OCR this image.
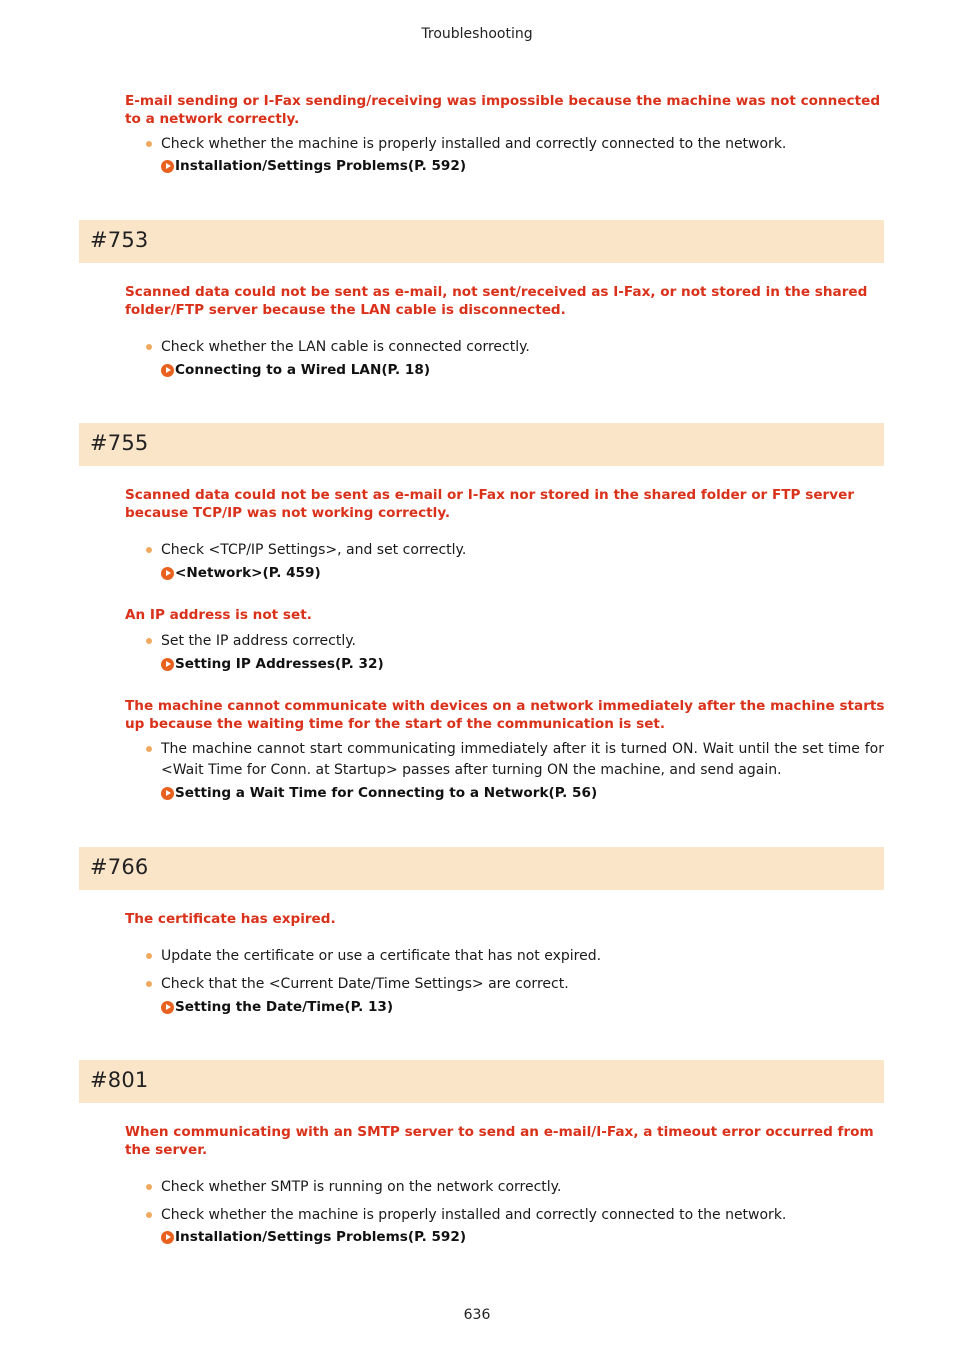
Troubleshooting
E-mail sending or I-Fax sending/receiving was impossible because the machine was not connected to a network correctly.
Check whether the machine is properly installed and correctly connected to the network.
Installation/Settings Problems(P. 592)
#753
Scanned data could not be sent as e-mail, not sent/received as I-Fax, or not stored in the shared folder/FTP server because the LAN cable is disconnected.
Check whether the LAN cable is connected correctly.
Connecting to a Wired LAN(P. 18)
#755
Scanned data could not be sent as e-mail or I-Fax nor stored in the shared folder or FTP server because TCP/IP was not working correctly.
Check <TCP/IP Settings>, and set correctly.
<Network>(P. 459)
An IP address is not set.
Set the IP address correctly.
Setting IP Addresses(P. 32)
The machine cannot communicate with devices on a network immediately after the machine starts up because the waiting time for the start of the communication is set.
The machine cannot start communicating immediately after it is turned ON. Wait until the set time for <Wait Time for Conn. at Startup> passes after turning ON the machine, and send again.
Setting a Wait Time for Connecting to a Network(P. 56)
#766
The certificate has expired.
Update the certificate or use a certificate that has not expired.
Check that the <Current Date/Time Settings> are correct.
Setting the Date/Time(P. 13)
#801
When communicating with an SMTP server to send an e-mail/I-Fax, a timeout error occurred from the server.
Check whether SMTP is running on the network correctly.
Check whether the machine is properly installed and correctly connected to the network.
Installation/Settings Problems(P. 592)
636
